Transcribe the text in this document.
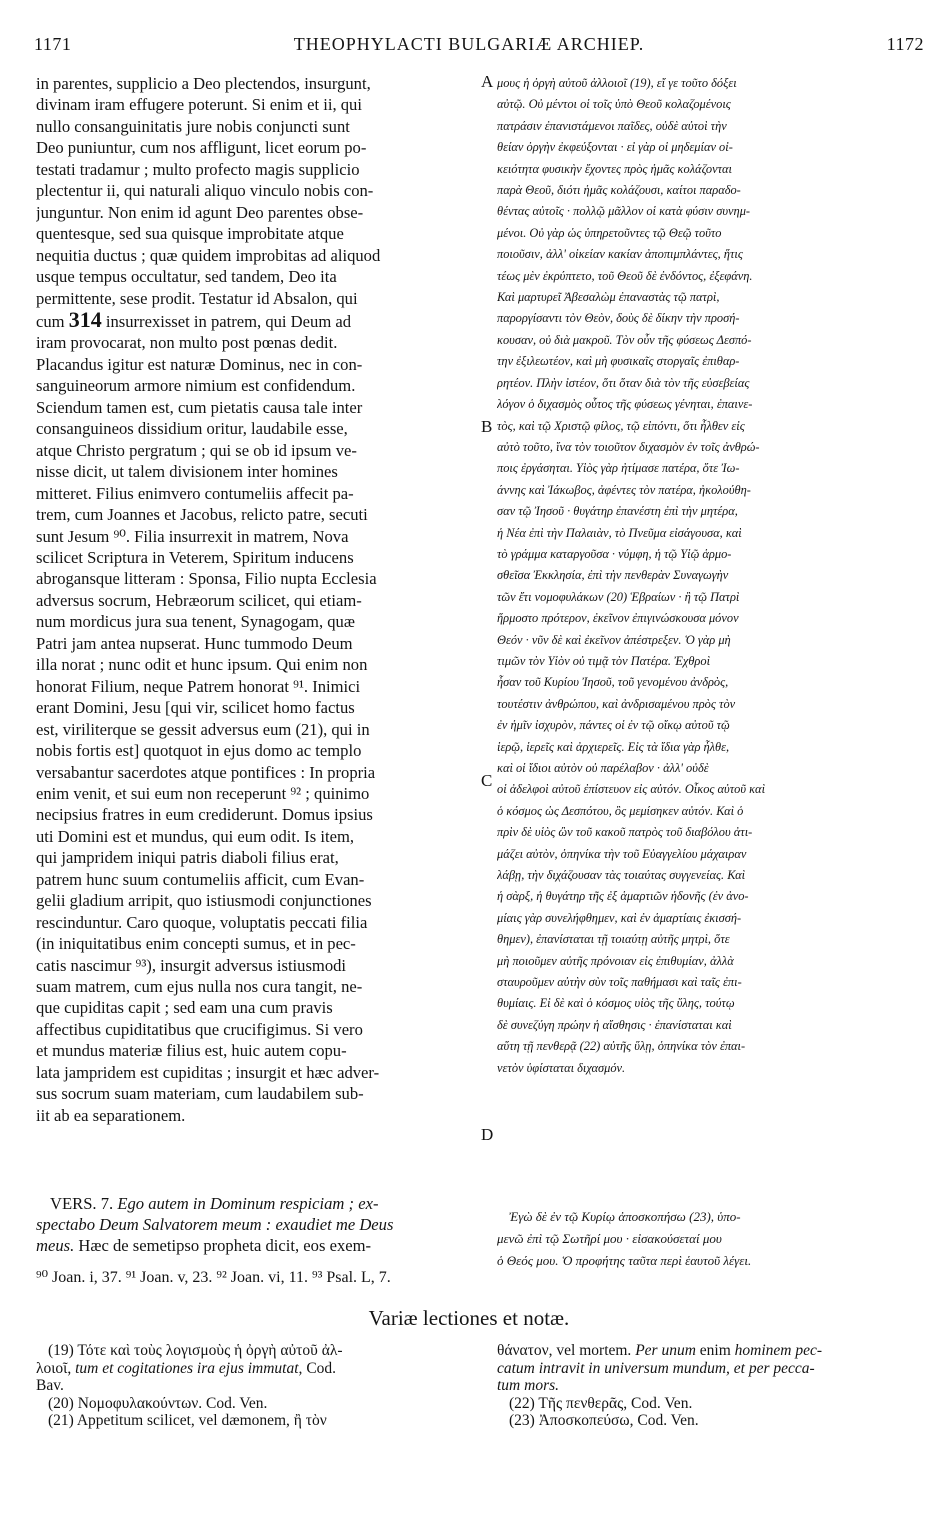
1171	THEOPHYLACTI BULGARIÆ ARCHIEP.	1172
in parentes, supplicio a Deo plectendos, insurgunt,
divinam iram effugere poterunt. Si enim et ii, qui
nullo consanguinitatis jure nobis conjuncti sunt
Deo puniuntur, cum nos affligunt, licet eorum po-
testati tradamur ; multo profecto magis supplicio
plectentur ii, qui naturali aliquo vinculo nobis con-
junguntur. Non enim id agunt Deo parentes obse-
quentesque, sed sua quisque improbitate atque
nequitia ductus ; quæ quidem improbitas ad aliquod
usque tempus occultatur, sed tandem, Deo ita
permittente, sese prodit. Testatur id Absalon, qui
cum 314 insurrexisset in patrem, qui Deum ad
iram provocarat, non multo post pœnas dedit.
Placandus igitur est naturæ Dominus, nec in con-
sanguineorum armore nimium est confidendum.
Sciendum tamen est, cum pietatis causa tale inter
consanguineos dissidium oritur, laudabile esse,
atque Christo pergratum ; qui se ob id ipsum ve-
nisse dicit, ut talem divisionem inter homines
mitteret. Filius enimvero contumeliis affecit pa-
trem, cum Joannes et Jacobus, relicto patre, secuti
sunt Jesum ⁹⁰. Filia insurrexit in matrem, Nova
scilicet Scriptura in Veterem, Spiritum inducens
abrogansque litteram : Sponsa, Filio nupta Ecclesia
adversus socrum, Hebræorum scilicet, qui etiam-
num mordicus jura sua tenent, Synagogam, quæ
Patri jam antea nupserat. Hunc tummodo Deum
illa norat ; nunc odit et hunc ipsum. Qui enim non
honorat Filium, neque Patrem honorat ⁹¹. Inimici
erant Domini, Jesu [qui vir, scilicet homo factus
est, viriliterque se gessit adversus eum (21), qui in
nobis fortis est] quotquot in ejus domo ac templo
versabantur sacerdotes atque pontifices : In propria
enim venit, et sui eum non receperunt ⁹² ; quinimo
necipsius fratres in eum crediderunt. Domus ipsius
uti Domini est et mundus, qui eum odit. Is item,
qui jampridem iniqui patris diaboli filius erat,
patrem hunc suum contumeliis afficit, cum Evan-
gelii gladium arripit, quo istiusmodi conjunctiones
rescinduntur. Caro quoque, voluptatis peccati filia
(in iniquitatibus enim concepti sumus, et in pec-
catis nascimur ⁹³), insurgit adversus istiusmodi
suam matrem, cum ejus nulla nos cura tangit, ne-
que cupiditas capit ; sed eam una cum pravis
affectibus cupiditatibus que crucifigimus. Si vero
et mundus materiæ filius est, huic autem copu-
lata jampridem est cupiditas ; insurgit et hæc adver-
sus socrum suam materiam, cum laudabilem sub-
iit ab ea separationem.
μους ἡ ὀργὴ αὐτοῦ ἀλλοιοῖ (19), εἴ γε τοῦτο δόξει
αὐτῷ. Οὐ μέντοι οἱ τοῖς ὑπὸ Θεοῦ κολαζομένοις
πατράσιν ἐπανιστάμενοι παῖδες, οὐδὲ αὐτοὶ τὴν
θείαν ὀργὴν ἐκφεύξονται · εἰ γὰρ οἱ μηδεμίαν οἰ-
κειότητα φυσικὴν ἔχοντες πρὸς ἡμᾶς κολάζονται
παρὰ Θεοῦ, διότι ἡμᾶς κολάζουσι, καίτοι παραδο-
θέντας αὐτοῖς · πολλῷ μᾶλλον οἱ κατὰ φύσιν συνημ-
μένοι. Οὐ γὰρ ὡς ὑπηρετοῦντες τῷ Θεῷ τοῦτο
ποιοῦσιν, ἀλλ' οἰκείαν κακίαν ἀποπιμπλάντες, ἥτις
τέως μὲν ἐκρύπτετο, τοῦ Θεοῦ δὲ ἐνδόντος, ἐξεφάνη.
Καὶ μαρτυρεῖ Ἀβεσαλὼμ ἐπαναστὰς τῷ πατρὶ,
παροργίσαντι τὸν Θεὸν, δοὺς δὲ δίκην τὴν προσή-
κουσαν, οὐ διὰ μακροῦ. Τὸν οὖν τῆς φύσεως Δεσπό-
την ἐξιλεωτέον, καὶ μὴ φυσικαῖς στοργαῖς ἐπιθαρ-
ρητέον. Πλὴν ἰστέον, ὅτι ὅταν διὰ τὸν τῆς εὐσεβείας
λόγον ὁ διχασμὸς οὗτος τῆς φύσεως γένηται, ἐπαινε-
τὸς, καὶ τῷ Χριστῷ φίλος, τῷ εἰπόντι, ὅτι ἦλθεν εἰς
αὐτὸ τοῦτο, ἵνα τὸν τοιοῦτον διχασμὸν ἐν τοῖς ἀνθρώ-
ποις ἐργάσηται. Υἱὸς γὰρ ἠτίμασε πατέρα, ὅτε Ἰω-
άννης καὶ Ἰάκωβος, ἀφέντες τὸν πατέρα, ἠκολούθη-
σαν τῷ Ἰησοῦ · θυγάτηρ ἐπανέστη ἐπὶ τὴν μητέρα,
ἡ Νέα ἐπὶ τὴν Παλαιὰν, τὸ Πνεῦμα εἰσάγουσα, καὶ
τὸ γράμμα καταργοῦσα · νύμφη, ἡ τῷ Υἱῷ ἁρμο-
σθεῖσα Ἐκκλησία, ἐπὶ τὴν πενθερὰν Συναγωγὴν
τῶν ἔτι νομοφυλάκων (20) Ἑβραίων · ἣ τῷ Πατρὶ
ἥρμοστο πρότερον, ἐκεῖνον ἐπιγινώσκουσα μόνον
Θεόν · νῦν δὲ καὶ ἐκεῖνον ἀπέστρεξεν. Ὁ γὰρ μὴ
τιμῶν τὸν Υἱὸν οὐ τιμᾷ τὸν Πατέρα. Ἐχθροὶ
ἦσαν τοῦ Κυρίου Ἰησοῦ, τοῦ γενομένου ἀνδρὸς,
τουτέστιν ἀνθρώπου, καὶ ἀνδρισαμένου πρὸς τὸν
ἐν ἡμῖν ἰσχυρὸν, πάντες οἱ ἐν τῷ οἴκῳ αὐτοῦ τῷ
ἱερῷ, ἱερεῖς καὶ ἀρχιερεῖς. Εἰς τὰ ἴδια γὰρ ἦλθε,
καὶ οἱ ἴδιοι αὐτὸν οὐ παρέλαβον · ἀλλ' οὐδὲ
οἱ ἀδελφοὶ αὐτοῦ ἐπίστευον εἰς αὐτόν. Οἶκος αὐτοῦ καὶ
ὁ κόσμος ὡς Δεσπότου, ὃς μεμίσηκεν αὐτόν. Καὶ ὁ
πρὶν δὲ υἱὸς ὢν τοῦ κακοῦ πατρὸς τοῦ διαβόλου ἀτι-
μάζει αὐτὸν, ὁπηνίκα τὴν τοῦ Εὐαγγελίου μάχαιραν
λάβῃ, τὴν διχάζουσαν τὰς τοιαύτας συγγενείας. Καὶ
ἡ σὰρξ, ἡ θυγάτηρ τῆς ἐξ ἁμαρτιῶν ἡδονῆς (ἐν ἀνο-
μίαις γὰρ συνελήφθημεν, καὶ ἐν ἁμαρτίαις ἐκισσή-
θημεν), ἐπανίσταται τῇ τοιαύτῃ αὐτῆς μητρὶ, ὅτε
μὴ ποιοῦμεν αὐτῆς πρόνοιαν εἰς ἐπιθυμίαν, ἀλλὰ
σταυροῦμεν αὐτὴν σὺν τοῖς παθήμασι καὶ ταῖς ἐπι-
θυμίαις. Εἰ δὲ καὶ ὁ κόσμος υἱὸς τῆς ὕλης, τούτῳ
δὲ συνεζύγη πρώην ἡ αἴσθησις · ἐπανίσταται καὶ
αὕτη τῇ πενθερᾷ (22) αὐτῆς ὕλῃ, ὁπηνίκα τὸν ἐπαι-
νετὸν ὑφίσταται διχασμόν.
A
B
C
D
VERS. 7. Ego autem in Dominum respiciam ; ex-
spectabo Deum Salvatorem meum : exaudiet me Deus
meus. Hæc de semetipso propheta dicit, eos exem-
Ἐγὼ δὲ ἐν τῷ Κυρίῳ ἀποσκοπήσω (23), ὑπο-
μενῶ ἐπὶ τῷ Σωτῆρί μου · εἰσακούσεταί μου
ὁ Θεός μου. Ὁ προφήτης ταῦτα περὶ ἑαυτοῦ λέγει.
⁹⁰ Joan. i, 37. ⁹¹ Joan. v, 23. ⁹² Joan. vi, 11. ⁹³ Psal. L, 7.
Variæ lectiones et notæ.
(19) Τότε καὶ τοὺς λογισμοὺς ἡ ὀργὴ αὐτοῦ ἀλ-
λοιοῖ, tum et cogitationes ira ejus immutat, Cod.
Bav.
(20) Νομοφυλακούντων. Cod. Ven.
(21) Appetitum scilicet, vel dæmonem, ἢ τὸν
θάνατον, vel mortem. Per unum enim hominem pec-
catum intravit in universum mundum, et per pecca-
tum mors.
(22) Τῆς πενθερᾶς, Cod. Ven.
(23) Ἀποσκοπεύσω, Cod. Ven.
